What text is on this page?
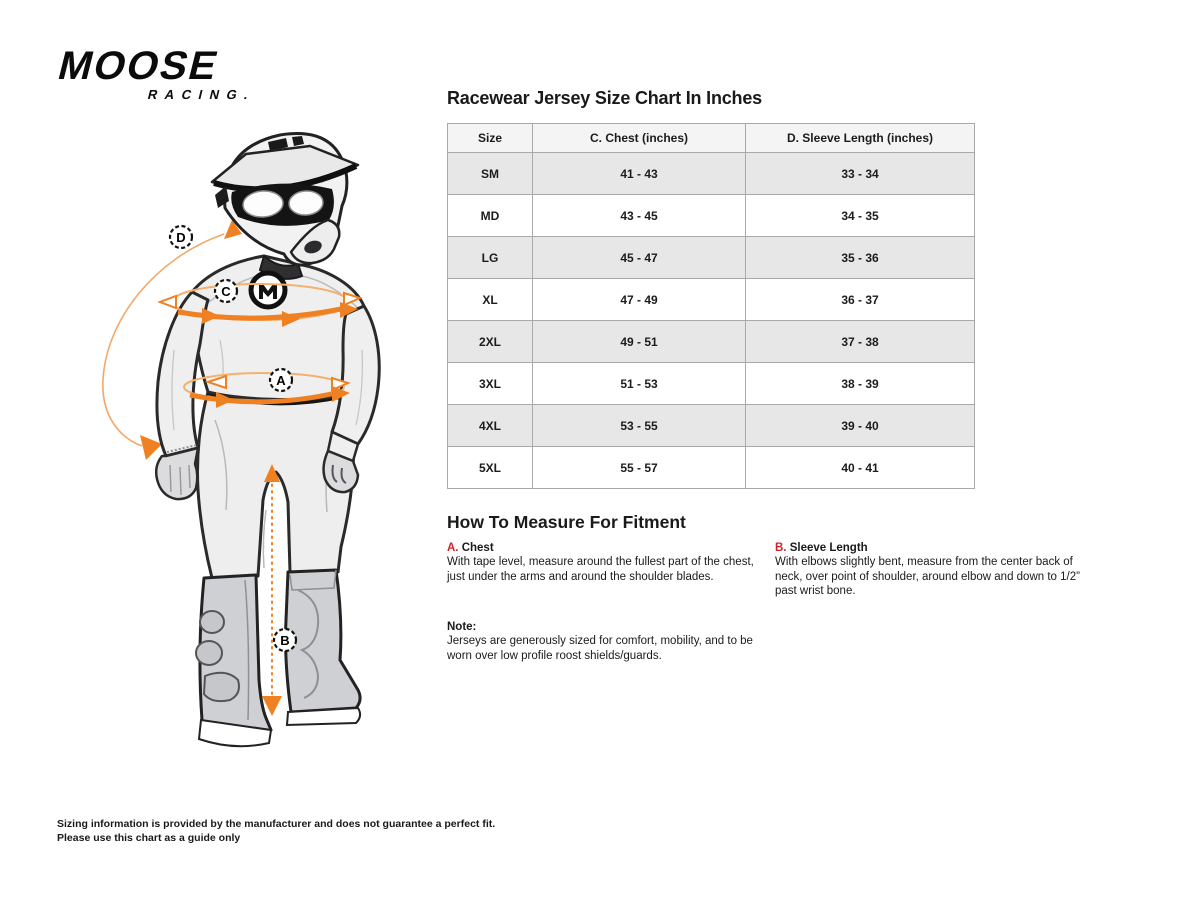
MOOSE
RACING.
D
C
A
B
Racewear Jersey Size Chart In Inches
Size	C. Chest (inches)	D. Sleeve Length (inches)
SM	41 - 43	33 - 34
MD	43 - 45	34 - 35
LG	45 - 47	35 - 36
XL	47 - 49	36 - 37
2XL	49 - 51	37 - 38
3XL	51 - 53	38 - 39
4XL	53 - 55	39 - 40
5XL	55 - 57	40 - 41
How To Measure For Fitment
A. Chest

With tape level, measure around the fullest part of the chest, just under the arms and around the shoulder blades.

B. Sleeve Length

With elbows slightly bent, measure from the center back of neck, over point of shoulder, around elbow and down to 1/2” past wrist bone.

Note:

Jerseys are generously sized for comfort, mobility, and to be worn over low profile roost shields/guards.

Sizing information is provided by the manufacturer and does not guarantee a perfect fit.
Please use this chart as a guide only
